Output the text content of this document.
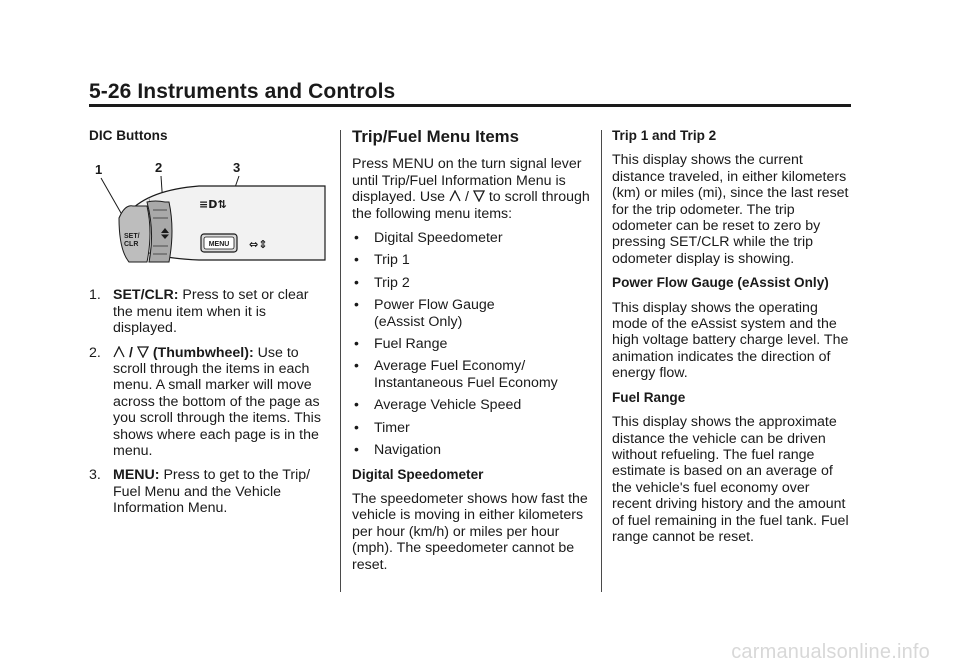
5-26 Instruments and Controls
DIC Buttons
1	2	3
SET/
CLR	MENU
≡D⇅
⇔⇕
1. SET/CLR: Press to set or clear the menu item when it is displayed.
2. / (Thumbwheel): Use to scroll through the items in each menu. A small marker will move across the bottom of the page as you scroll through the items. This shows where each page is in the menu.
3. MENU: Press to get to the Trip/ Fuel Menu and the Vehicle Information Menu.
Trip/Fuel Menu Items

Press MENU on the turn signal lever until Trip/Fuel Information Menu is displayed. Use / to scroll through the following menu items:

• Digital Speedometer
• Trip 1
• Trip 2
• Power Flow Gauge
(eAssist Only)
• Fuel Range
• Average Fuel Economy/
Instantaneous Fuel Economy
• Average Vehicle Speed
• Timer
• Navigation
Digital Speedometer

The speedometer shows how fast the vehicle is moving in either kilometers per hour (km/h) or miles per hour (mph). The speedometer cannot be reset.

Trip 1 and Trip 2

This display shows the current distance traveled, in either kilometers (km) or miles (mi), since the last reset for the trip odometer. The trip odometer can be reset to zero by pressing SET/CLR while the trip odometer display is showing.

Power Flow Gauge (eAssist Only)

This display shows the operating mode of the eAssist system and the high voltage battery charge level. The animation indicates the direction of energy flow.

Fuel Range

This display shows the approximate distance the vehicle can be driven without refueling. The fuel range estimate is based on an average of the vehicle's fuel economy over recent driving history and the amount of fuel remaining in the fuel tank. Fuel range cannot be reset.

carmanualsonline.info
